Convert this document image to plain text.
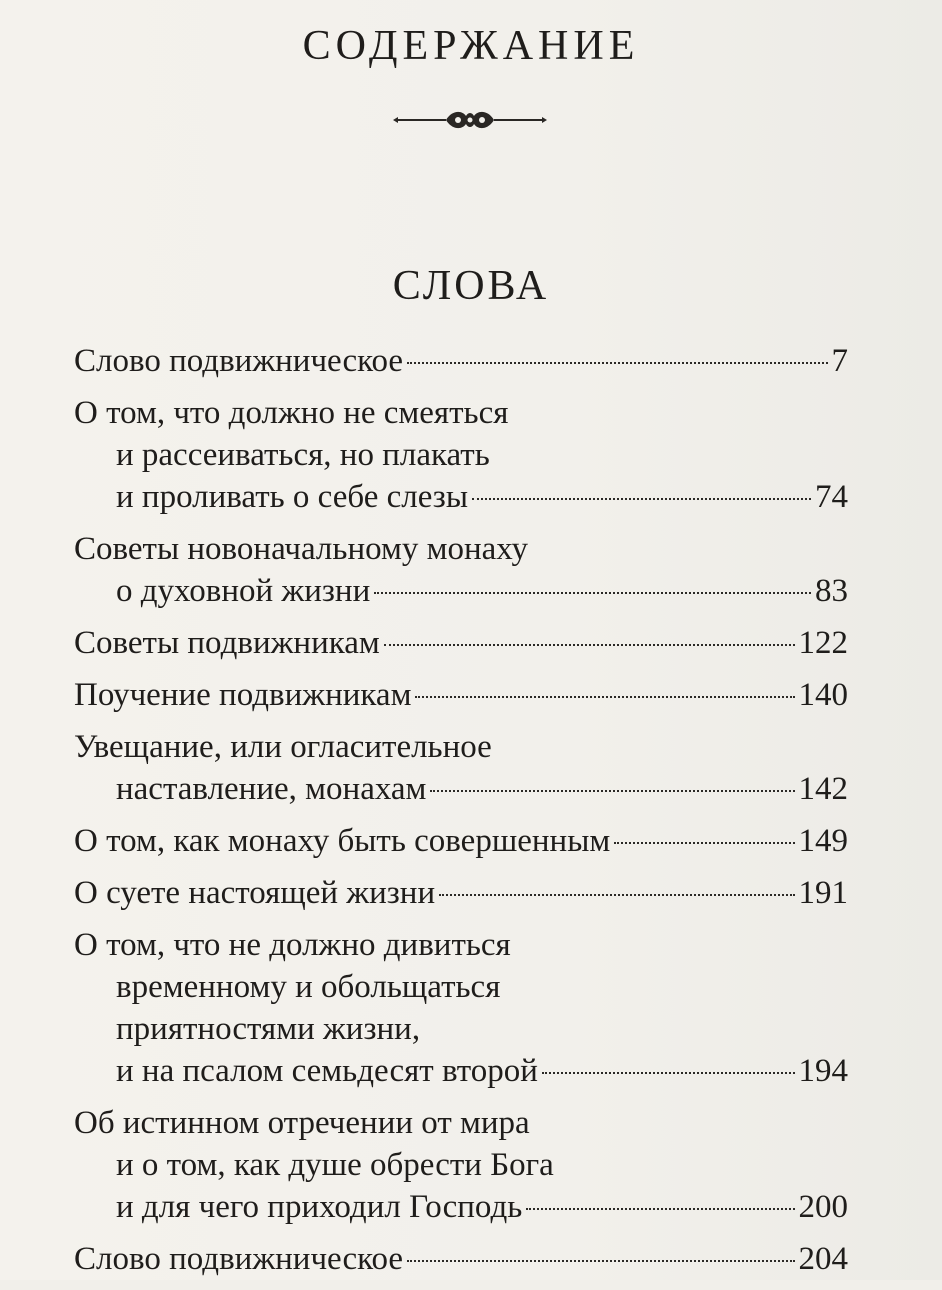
СОДЕРЖАНИЕ
СЛОВА
Слово подвижническое	7
О том, что должно не смеяться
и рассеиваться, но плакать
и проливать о себе слезы	74
Советы новоначальному монаху
о духовной жизни	83
Советы подвижникам	122
Поучение подвижникам	140
Увещание, или огласительное
наставление, монахам	142
О том, как монаху быть совершенным	149
О суете настоящей жизни	191
О том, что не должно дивиться
временному и обольщаться
приятностями жизни,
и на псалом семьдесят второй	194
Об истинном отречении от мира
и о том, как душе обрести Бога
и для чего приходил Господь	200
Слово подвижническое	204
